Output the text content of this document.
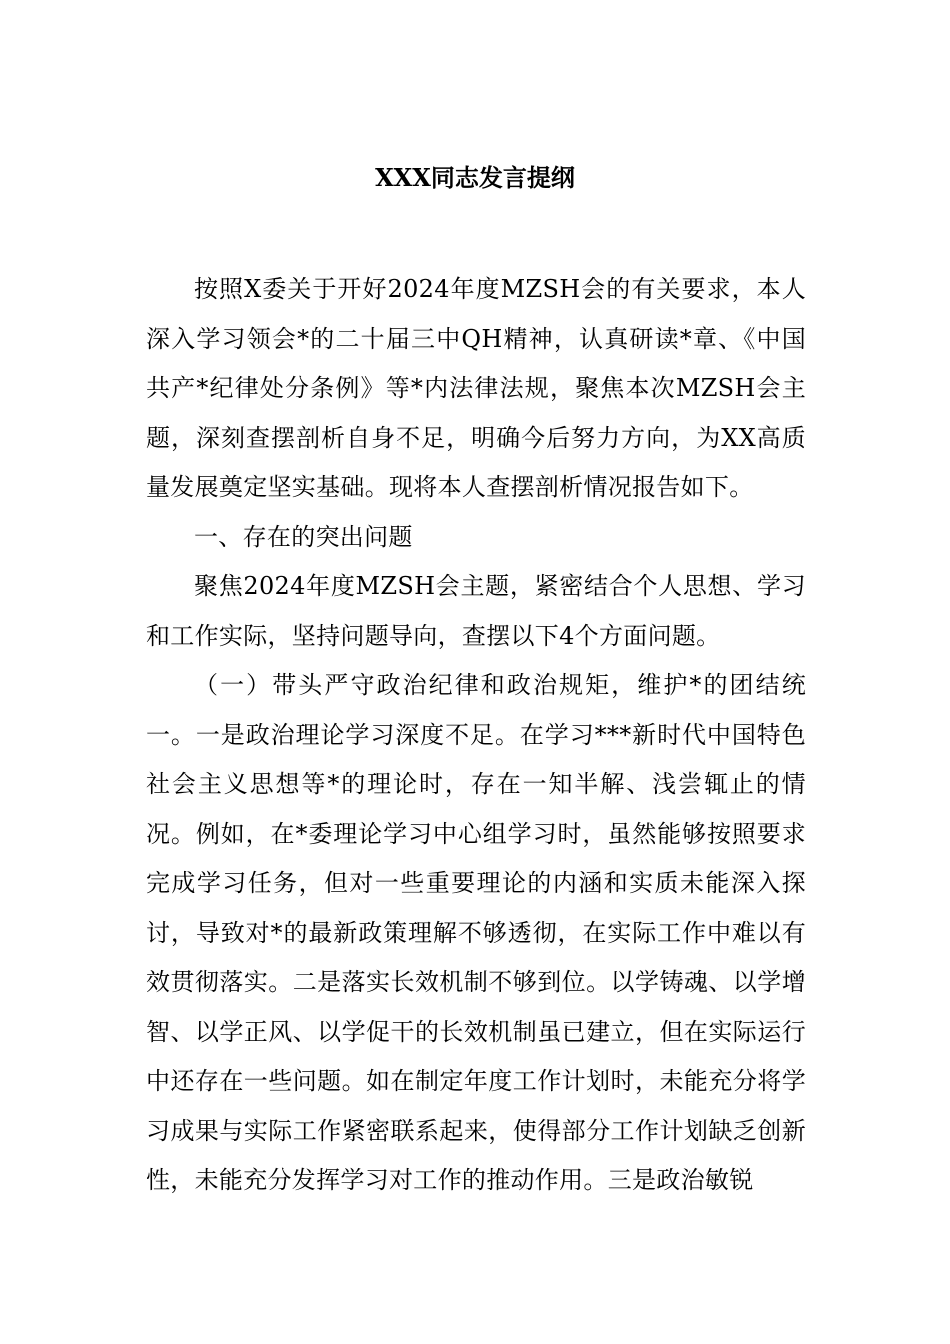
XXX同志发言提纲

按照X委关于开好2024年度MZSH会的有关要求，本人深入学习领会*的二十届三中QH精神，认真研读*章、《中国共产*纪律处分条例》等*内法律法规，聚焦本次MZSH会主题，深刻查摆剖析自身不足，明确今后努力方向，为XX高质量发展奠定坚实基础。现将本人查摆剖析情况报告如下。

一、存在的突出问题

聚焦2024年度MZSH会主题，紧密结合个人思想、学习和工作实际，坚持问题导向，查摆以下4个方面问题。

（一）带头严守政治纪律和政治规矩，维护*的团结统一。一是政治理论学习深度不足。在学习***新时代中国特色社会主义思想等*的理论时，存在一知半解、浅尝辄止的情况。例如，在*委理论学习中心组学习时，虽然能够按照要求完成学习任务，但对一些重要理论的内涵和实质未能深入探讨，导致对*的最新政策理解不够透彻，在实际工作中难以有效贯彻落实。二是落实长效机制不够到位。以学铸魂、以学增智、以学正风、以学促干的长效机制虽已建立，但在实际运行中还存在一些问题。如在制定年度工作计划时，未能充分将学习成果与实际工作紧密联系起来，使得部分工作计划缺乏创新性，未能充分发挥学习对工作的推动作用。三是政治敏锐
